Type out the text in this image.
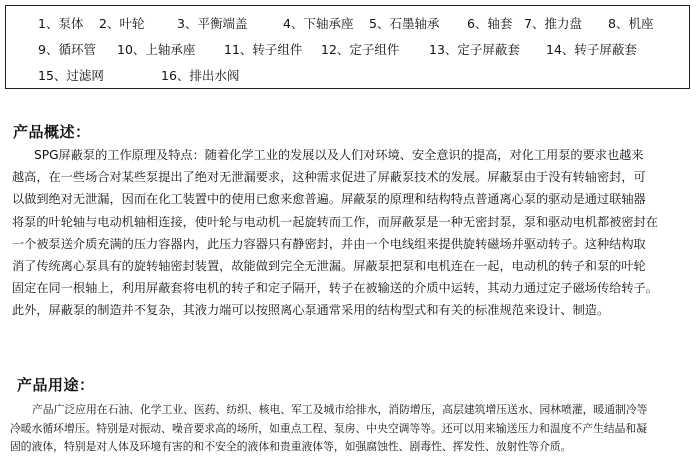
1、泵体 2、叶轮	3、平衡端盖	4、下轴承座 5、石墨轴承 6、轴套 7、推力盘 8、机座
9、循环管 10、上轴承座 11、转子组件 12、定子组件 13、定子屏蔽套 14、转子屏蔽套
15、过滤网	16、排出水阀
产品概述：
SPG屏蔽泵的工作原理及特点：随着化学工业的发展以及人们对环境、安全意识的提高，对化工用泵的要求也越来
越高，在一些场合对某些泵提出了绝对无泄漏要求，这种需求促进了屏蔽泵技术的发展。屏蔽泵由于没有转轴密封，可
以做到绝对无泄漏，因而在化工装置中的使用已愈来愈普遍。屏蔽泵的原理和结构特点普通离心泵的驱动是通过联轴器
将泵的叶轮轴与电动机轴相连接，使叶轮与电动机一起旋转而工作，而屏蔽泵是一种无密封泵，泵和驱动电机都被密封在
一个被泵送介质充满的压力容器内，此压力容器只有静密封，并由一个电线组来提供旋转磁场并驱动转子。这种结构取
消了传统离心泵具有的旋转轴密封装置，故能做到完全无泄漏。屏蔽泵把泵和电机连在一起，电动机的转子和泵的叶轮
固定在同一根轴上，利用屏蔽套将电机的转子和定子隔开，转子在被输送的介质中运转，其动力通过定子磁场传给转子。
此外，屏蔽泵的制造并不复杂，其液力端可以按照离心泵通常采用的结构型式和有关的标准规范来设计、制造。
产品用途：
产品广泛应用在石油、化学工业、医药、纺织、核电、军工及城市给排水，消防增压，高层建筑增压送水、园林喷灌，暖通制冷等
冷暖水循环增压。特别是对振动、噪音要求高的场所，如重点工程、泵房、中央空调等等。还可以用来输送压力和温度不产生结晶和凝
固的液体，特别是对人体及环境有害的和不安全的液体和贵重液体等，如强腐蚀性、剧毒性、挥发性、放射性等介质。
